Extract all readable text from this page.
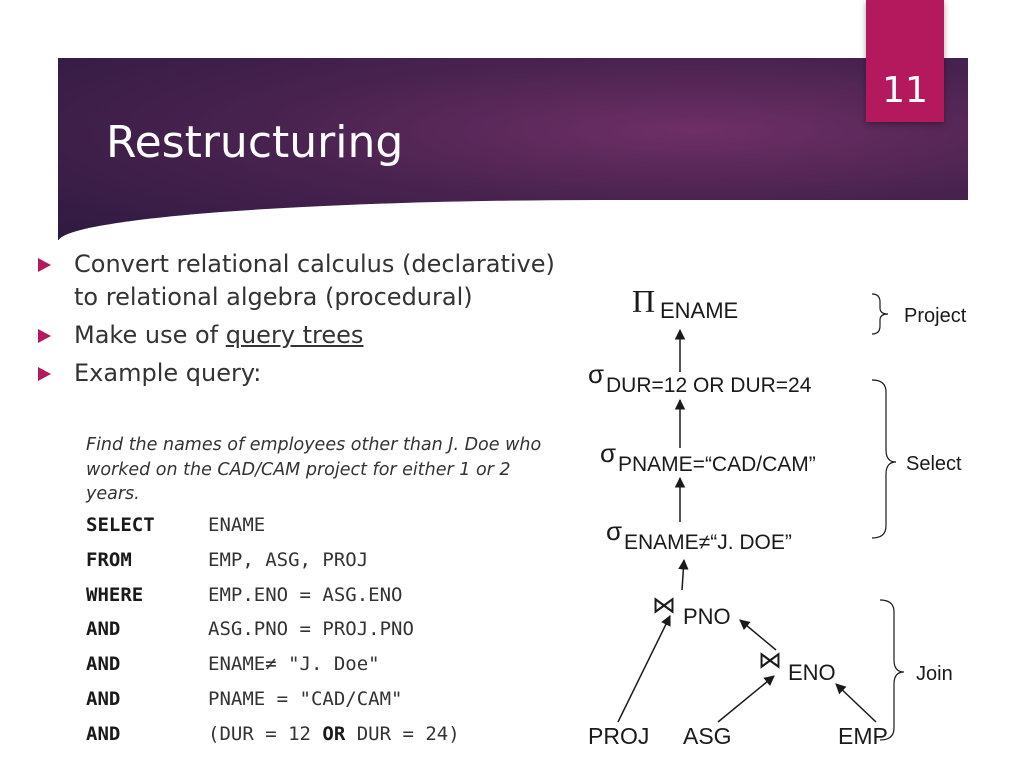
Restructuring
11
Convert relational calculus (declarative) to relational algebra (procedural)
Make use of query trees
Example query:
Find the names of employees other than J. Doe who worked on the CAD/CAM project for either 1 or 2 years.
SELECT	ENAME
FROM	EMP, ASG, PROJ
WHERE	EMP.ENO = ASG.ENO
AND	ASG.PNO = PROJ.PNO
AND	ENAME≠ "J. Doe"
AND	PNAME = "CAD/CAM"
AND	(DUR = 12 OR DUR = 24)
Π ENAME
σ DUR=12 OR DUR=24
σ PNAME=“CAD/CAM”
σ ENAME≠“J. DOE”
⋈ PNO
⋈ ENO
PROJ ASG	EMP
Project
Select
Join
